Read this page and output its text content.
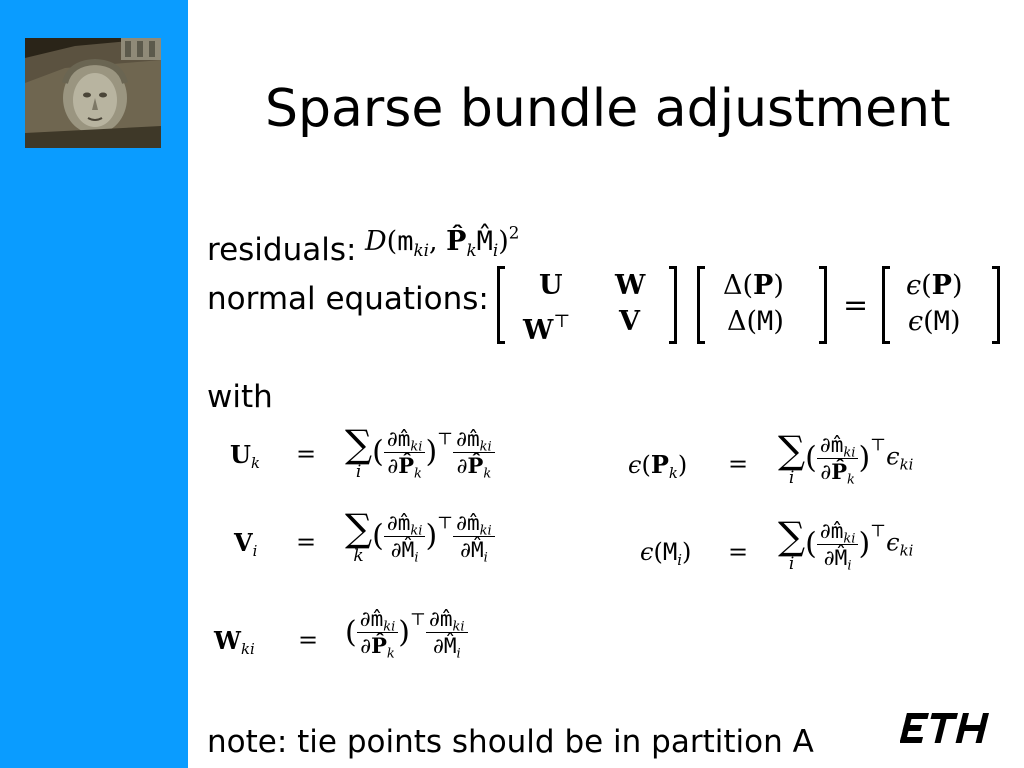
Sparse bundle adjustment
residuals:
normal equations:
with
note: tie points should be in partition A
$D(m_{ki}$, $P̂_kM̂_i)^2$
U W
W⊤ V
Δ(P)
Δ(M) =
ϵ(P)
ϵ(M)
$U_k$ = ∑
i
( $\frac{\partial m̂_{ki}}{\partial P̂_k} )^⊤ \frac{\partial m̂_{ki}}{\partial P̂_k}$
$V_i$ = ∑
k
( $\frac{\partial m̂_{ki}}{\partial M̂_i} )^⊤ \frac{\partial m̂_{ki}}{\partial M̂_i}$
$W_{ki}$ = ( $\frac{\partial m̂_{ki}}{\partial P̂_k} )^⊤ \frac{\partial m̂_{ki}}{\partial M̂_i}$
$\epsilon(P_k)$ = ∑
i
( $\frac{\partial m̂_{ki}}{\partial P̂_k} )^⊤\epsilon_{ki}$
$\epsilon(M_i)$ = ∑
i
( $\frac{\partial m̂_{ki}}{\partial M̂_i} )^⊤\epsilon_{ki}$
